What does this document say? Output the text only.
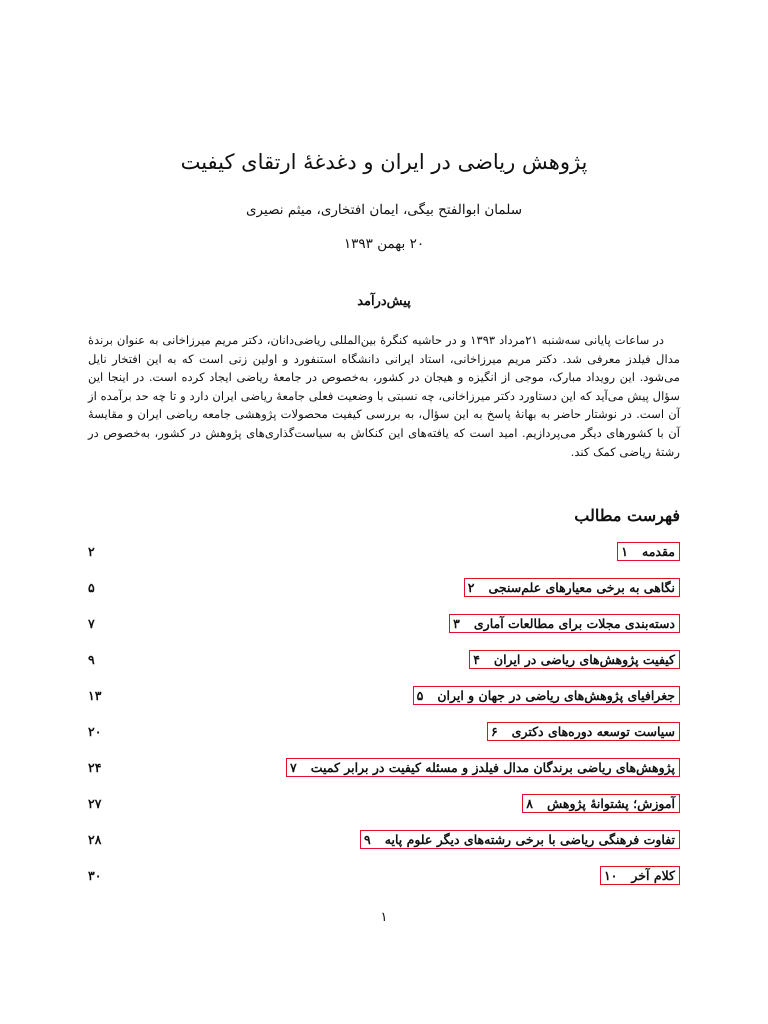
پژوهش ریاضی در ایران و دغدغهٔ ارتقای کیفیت
سلمان ابوالفتح بیگی، ایمان افتخاری، میثم نصیری
۲۰ بهمن ۱۳۹۳
پیش‌درآمد

در ساعات پایانی سه‌شنبه ۲۱مرداد ۱۳۹۳ و در حاشیه کنگرهٔ بین‌المللی ریاضی‌دانان، دکتر مریم میرزاخانی به عنوان برندهٔ مدال فیلدز معرفی شد. دکتر مریم میرزاخانی، استاد ایرانی دانشگاه استنفورد و اولین زنی است که به این افتخار نایل می‌شود. این رویداد مبارک، موجی از انگیزه و هیجان در کشور، به‌خصوص در جامعهٔ ریاضی ایجاد کرده است. در اینجا این سؤال پیش می‌آید که این دستاورد دکتر میرزاخانی، چه نسبتی با وضعیت فعلی جامعهٔ ریاضی ایران دارد و تا چه حد برآمده از آن است. در نوشتار حاضر به بهانهٔ پاسخ به این سؤال، به بررسی کیفیت محصولات پژوهشی جامعه ریاضی ایران و مقایسهٔ آن با کشورهای دیگر می‌پردازیم. امید است که یافته‌های این کنکاش به سیاست‌گذاری‌های پژوهش در کشور، به‌خصوص در رشتهٔ ریاضی کمک کند.

فهرست مطالب
۱ مقدمه
۲
۲ نگاهی به برخی معیارهای علم‌سنجی
۵
۳ دسته‌بندی مجلات برای مطالعات آماری
۷
۴ کیفیت پژوهش‌های ریاضی در ایران
۹
۵ جغرافیای پژوهش‌های ریاضی در جهان و ایران
۱۳
۶ سیاست توسعه دوره‌های دکتری
۲۰
۷ پژوهش‌های ریاضی برندگان مدال فیلدز و مسئله کیفیت در برابر کمیت
۲۴
۸ آموزش؛ پشتوانهٔ پژوهش
۲۷
۹ تفاوت فرهنگی ریاضی با برخی رشته‌های دیگر علوم پایه
۲۸
۱۰ کلام آخر
۳۰
۱
